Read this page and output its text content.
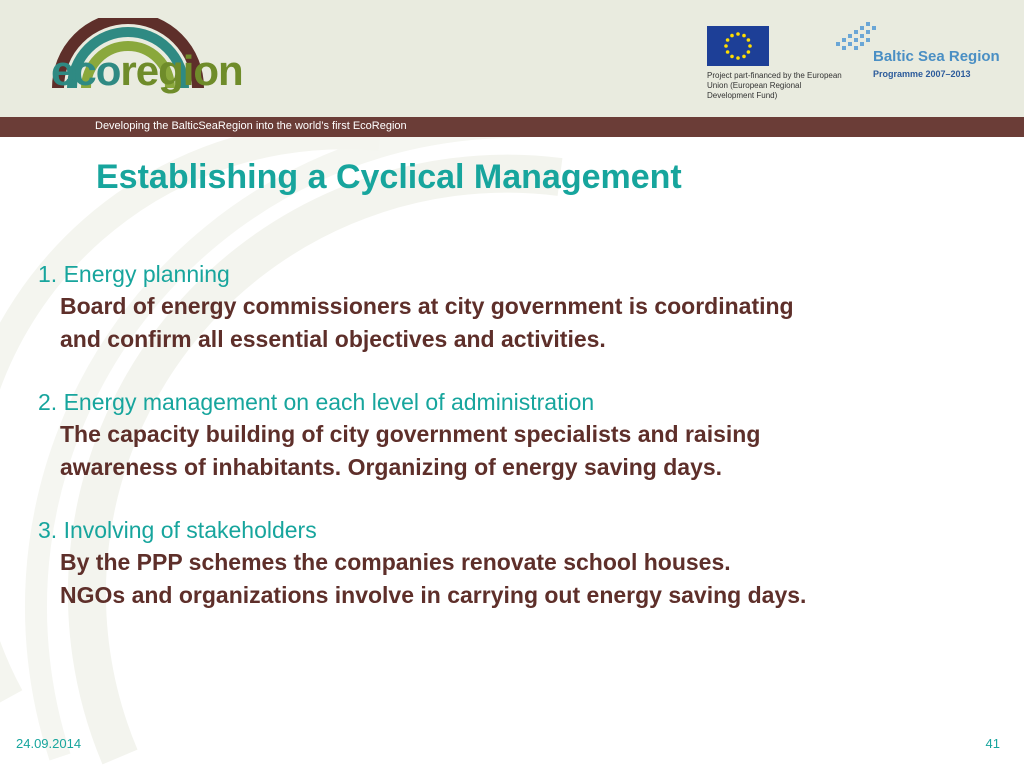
ecoregion	Project part-financed by the European Union (European Regional Development Fund)
Baltic Sea Region
Programme 2007–2013
Developing the BalticSeaRegion into the world’s first EcoRegion
Establishing a Cyclical Management
1. Energy planning
Board of energy commissioners at city government is coordinating
and confirm all essential objectives and activities.
2. Energy management on each level of administration
The capacity building of city government specialists and raising
awareness of inhabitants. Organizing of energy saving days.
3. Involving of stakeholders
By the PPP schemes the companies renovate school houses.
NGOs and organizations involve in carrying out energy saving days.
24.09.2014	41
